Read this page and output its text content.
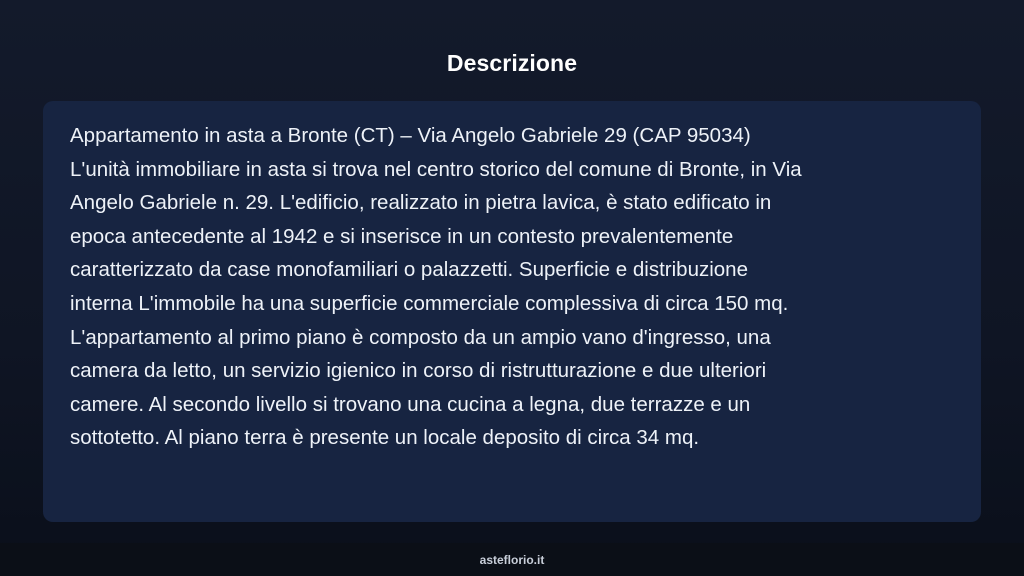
Descrizione
Appartamento in asta a Bronte (CT) – Via Angelo Gabriele 29 (CAP 95034)
L'unità immobiliare in asta si trova nel centro storico del comune di Bronte, in Via
Angelo Gabriele n. 29. L'edificio, realizzato in pietra lavica, è stato edificato in
epoca antecedente al 1942 e si inserisce in un contesto prevalentemente
caratterizzato da case monofamiliari o palazzetti. Superficie e distribuzione
interna L'immobile ha una superficie commerciale complessiva di circa 150 mq.
L'appartamento al primo piano è composto da un ampio vano d'ingresso, una
camera da letto, un servizio igienico in corso di ristrutturazione e due ulteriori
camere. Al secondo livello si trovano una cucina a legna, due terrazze e un
sottotetto. Al piano terra è presente un locale deposito di circa 34 mq.
asteflorio.it
